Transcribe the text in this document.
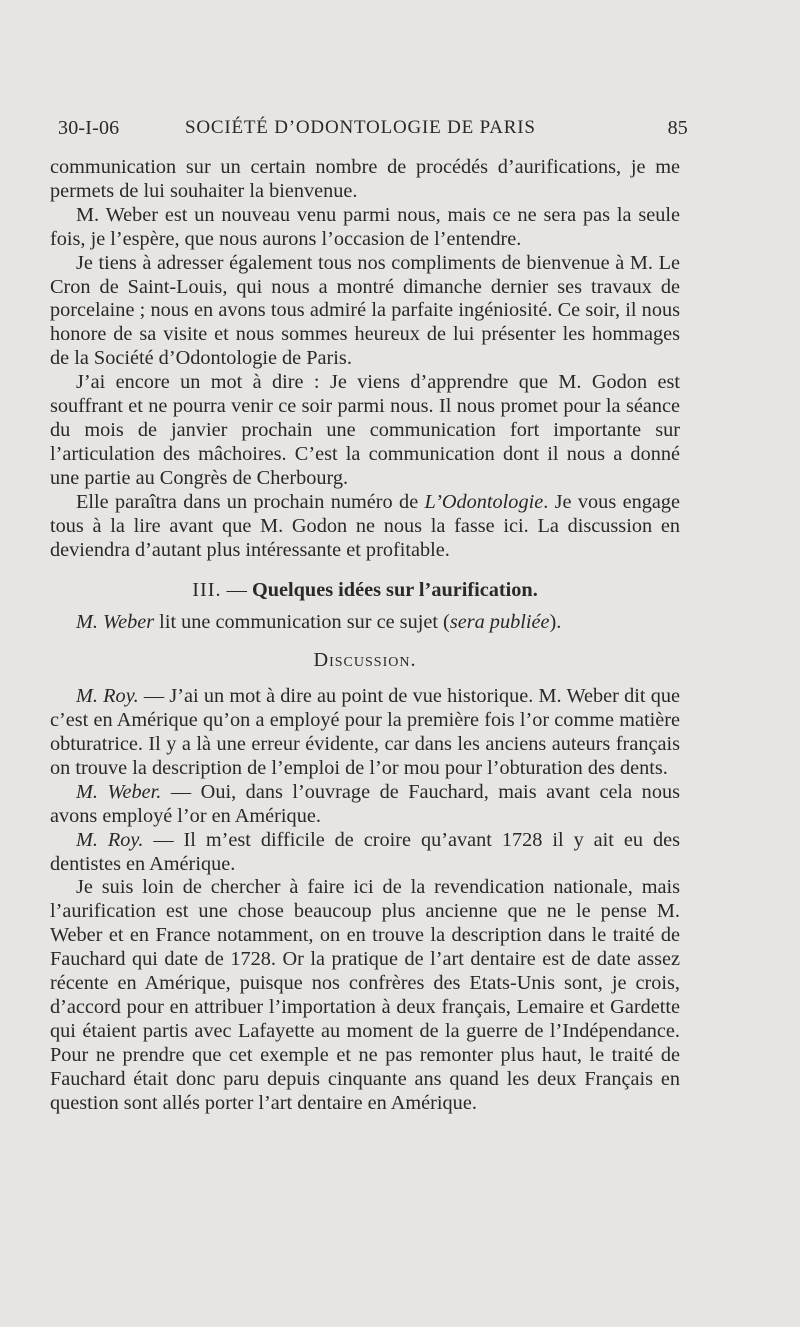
30-I-06	SOCIÉTÉ D’ODONTOLOGIE DE PARIS	85

communication sur un certain nombre de procédés d’aurifications, je me permets de lui souhaiter la bienvenue.

M. Weber est un nouveau venu parmi nous, mais ce ne sera pas la seule fois, je l’espère, que nous aurons l’occasion de l’entendre.

Je tiens à adresser également tous nos compliments de bienvenue à M. Le Cron de Saint-Louis, qui nous a montré dimanche dernier ses travaux de porcelaine ; nous en avons tous admiré la parfaite ingéniosité. Ce soir, il nous honore de sa visite et nous sommes heureux de lui présenter les hommages de la Société d’Odontologie de Paris.

J’ai encore un mot à dire : Je viens d’apprendre que M. Godon est souffrant et ne pourra venir ce soir parmi nous. Il nous promet pour la séance du mois de janvier prochain une communication fort importante sur l’articulation des mâchoires. C’est la communication dont il nous a donné une partie au Congrès de Cherbourg.

Elle paraîtra dans un prochain numéro de L’Odontologie. Je vous engage tous à la lire avant que M. Godon ne nous la fasse ici. La discussion en deviendra d’autant plus intéressante et profitable.

III. — Quelques idées sur l’aurification.

M. Weber lit une communication sur ce sujet (sera publiée).

Discussion.

M. Roy. — J’ai un mot à dire au point de vue historique. M. Weber dit que c’est en Amérique qu’on a employé pour la première fois l’or comme matière obturatrice. Il y a là une erreur évidente, car dans les anciens auteurs français on trouve la description de l’emploi de l’or mou pour l’obturation des dents.

M. Weber. — Oui, dans l’ouvrage de Fauchard, mais avant cela nous avons employé l’or en Amérique.

M. Roy. — Il m’est difficile de croire qu’avant 1728 il y ait eu des dentistes en Amérique.

Je suis loin de chercher à faire ici de la revendication nationale, mais l’aurification est une chose beaucoup plus ancienne que ne le pense M. Weber et en France notamment, on en trouve la description dans le traité de Fauchard qui date de 1728. Or la pratique de l’art dentaire est de date assez récente en Amérique, puisque nos confrères des Etats-Unis sont, je crois, d’accord pour en attribuer l’importation à deux français, Lemaire et Gardette qui étaient partis avec Lafayette au moment de la guerre de l’Indépendance. Pour ne prendre que cet exemple et ne pas remonter plus haut, le traité de Fauchard était donc paru depuis cinquante ans quand les deux Français en question sont allés porter l’art dentaire en Amérique.
